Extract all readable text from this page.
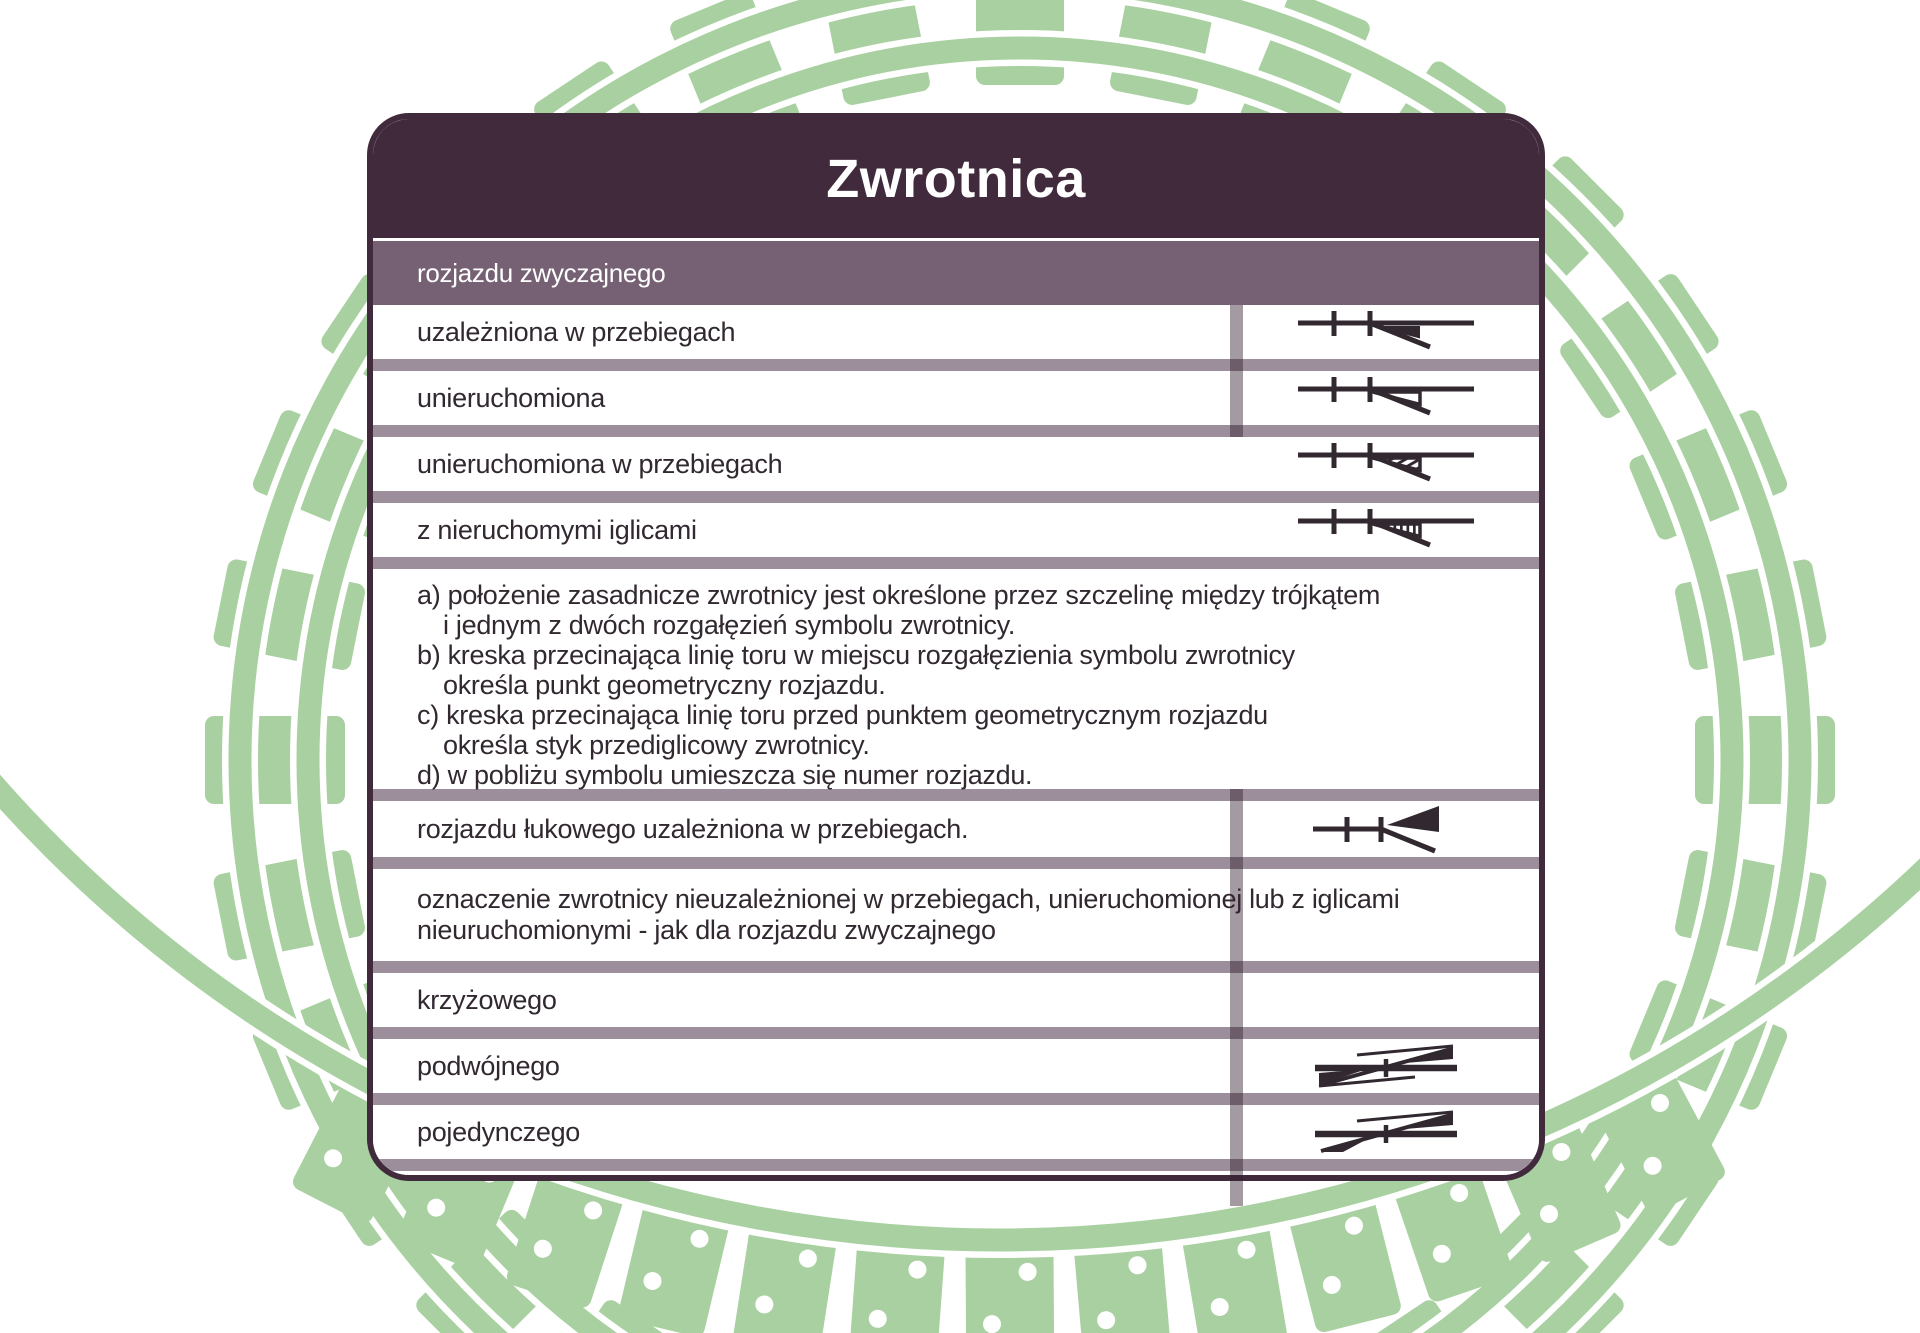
Zwrotnica
rozjazdu zwyczajnego
uzależniona w przebiegach
unieruchomiona
unieruchomiona w przebiegach
z nieruchomymi iglicami
a) położenie zasadnicze zwrotnicy jest określone przez szczelinę między trójkątem
i jednym z dwóch rozgałęzień symbolu zwrotnicy.
b) kreska przecinająca linię toru w miejscu rozgałęzienia symbolu zwrotnicy
określa punkt geometryczny rozjazdu.
c) kreska przecinająca linię toru przed punktem geometrycznym rozjazdu
określa styk przediglicowy zwrotnicy.
d) w pobliżu symbolu umieszcza się numer rozjazdu.
rozjazdu łukowego uzależniona w przebiegach.
oznaczenie zwrotnicy nieuzależnionej w przebiegach, unieruchomionej lub z iglicami
nieuruchomionymi - jak dla rozjazdu zwyczajnego
krzyżowego
podwójnego
pojedynczego
